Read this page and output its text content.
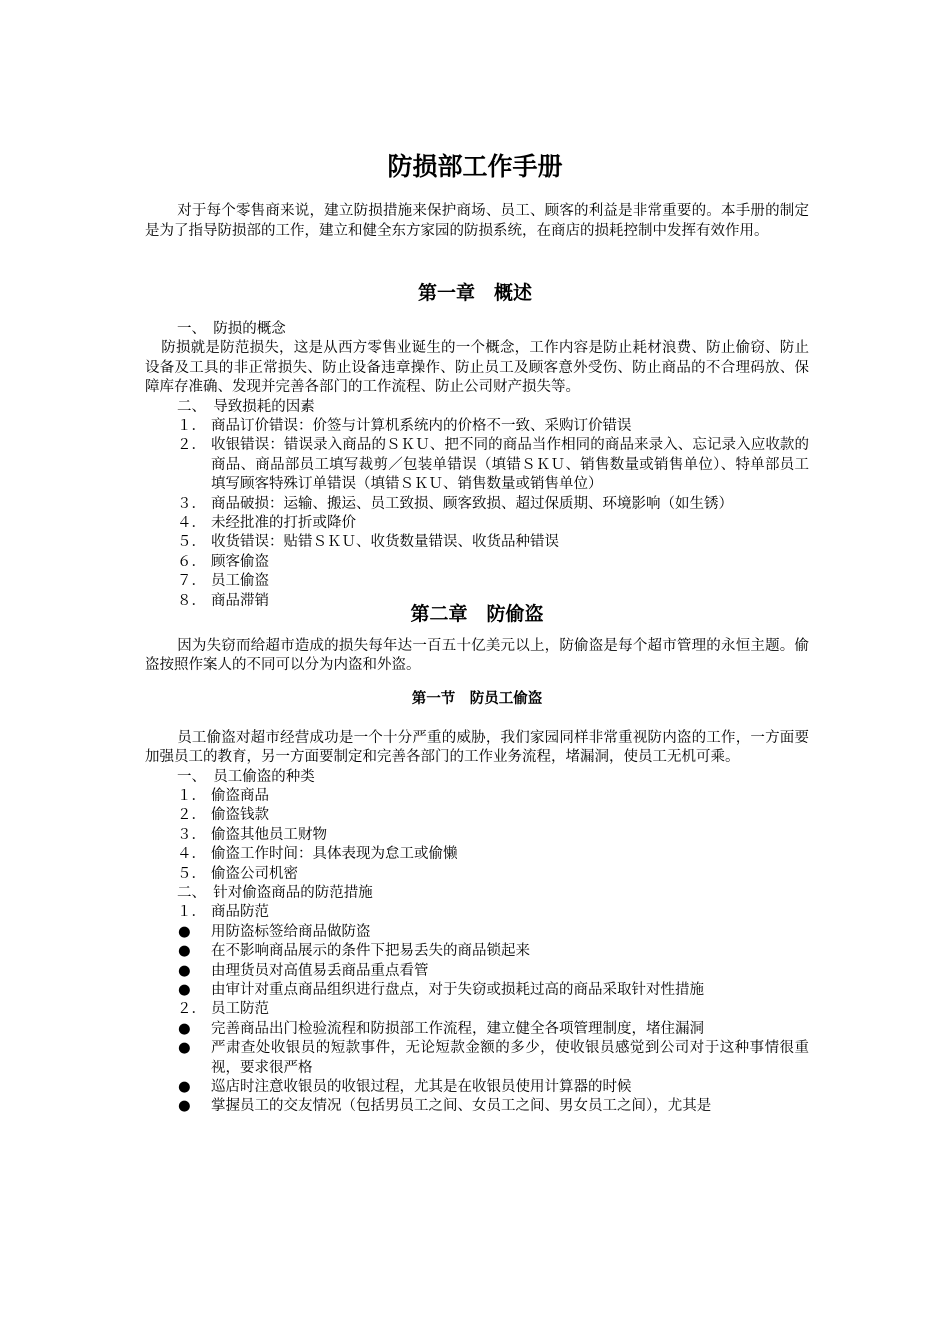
防损部工作手册
对于每个零售商来说，建立防损措施来保护商场、员工、顾客的利益是非常重要的。本手册的制定是为了指导防损部的工作，建立和健全东方家园的防损系统，在商店的损耗控制中发挥有效作用。
第一章　概述
一、　防损的概念
防损就是防范损失，这是从西方零售业诞生的一个概念，工作内容是防止耗材浪费、防止偷窃、防止设备及工具的非正常损失、防止设备违章操作、防止员工及顾客意外受伤、防止商品的不合理码放、保障库存准确、发现并完善各部门的工作流程、防止公司财产损失等。
二、　导致损耗的因素
１． 商品订价错误：价签与计算机系统内的价格不一致、采购订价错误
２． 收银错误：错误录入商品的ＳＫＵ、把不同的商品当作相同的商品来录入、忘记录入应收款的商品、商品部员工填写裁剪／包装单错误（填错ＳＫＵ、销售数量或销售单位）、特单部员工填写顾客特殊订单错误（填错ＳＫＵ、销售数量或销售单位）
３． 商品破损：运输、搬运、员工致损、顾客致损、超过保质期、环境影响（如生锈）
４． 未经批准的打折或降价
５． 收货错误：贴错ＳＫＵ、收货数量错误、收货品种错误
６． 顾客偷盗
７． 员工偷盗
８． 商品滞销
第二章　防偷盗
因为失窃而给超市造成的损失每年达一百五十亿美元以上，防偷盗是每个超市管理的永恒主题。偷盗按照作案人的不同可以分为内盗和外盗。
第一节　防员工偷盗
员工偷盗对超市经营成功是一个十分严重的威胁，我们家园同样非常重视防内盗的工作，一方面要加强员工的教育，另一方面要制定和完善各部门的工作业务流程，堵漏洞，使员工无机可乘。
一、　员工偷盗的种类
１． 偷盗商品
２． 偷盗钱款
３． 偷盗其他员工财物
４． 偷盗工作时间：具体表现为怠工或偷懒
５． 偷盗公司机密
二、　针对偷盗商品的防范措施
１． 商品防范
●	用防盗标签给商品做防盗
●	在不影响商品展示的条件下把易丢失的商品锁起来
●	由理货员对高值易丢商品重点看管
●	由审计对重点商品组织进行盘点，对于失窃或损耗过高的商品采取针对性措施
２． 员工防范
●	完善商品出门检验流程和防损部工作流程，建立健全各项管理制度，堵住漏洞
●	严肃查处收银员的短款事件，无论短款金额的多少，使收银员感觉到公司对于这种事情很重视，要求很严格
●	巡店时注意收银员的收银过程，尤其是在收银员使用计算器的时候
●	掌握员工的交友情况（包括男员工之间、女员工之间、男女员工之间），尤其是
